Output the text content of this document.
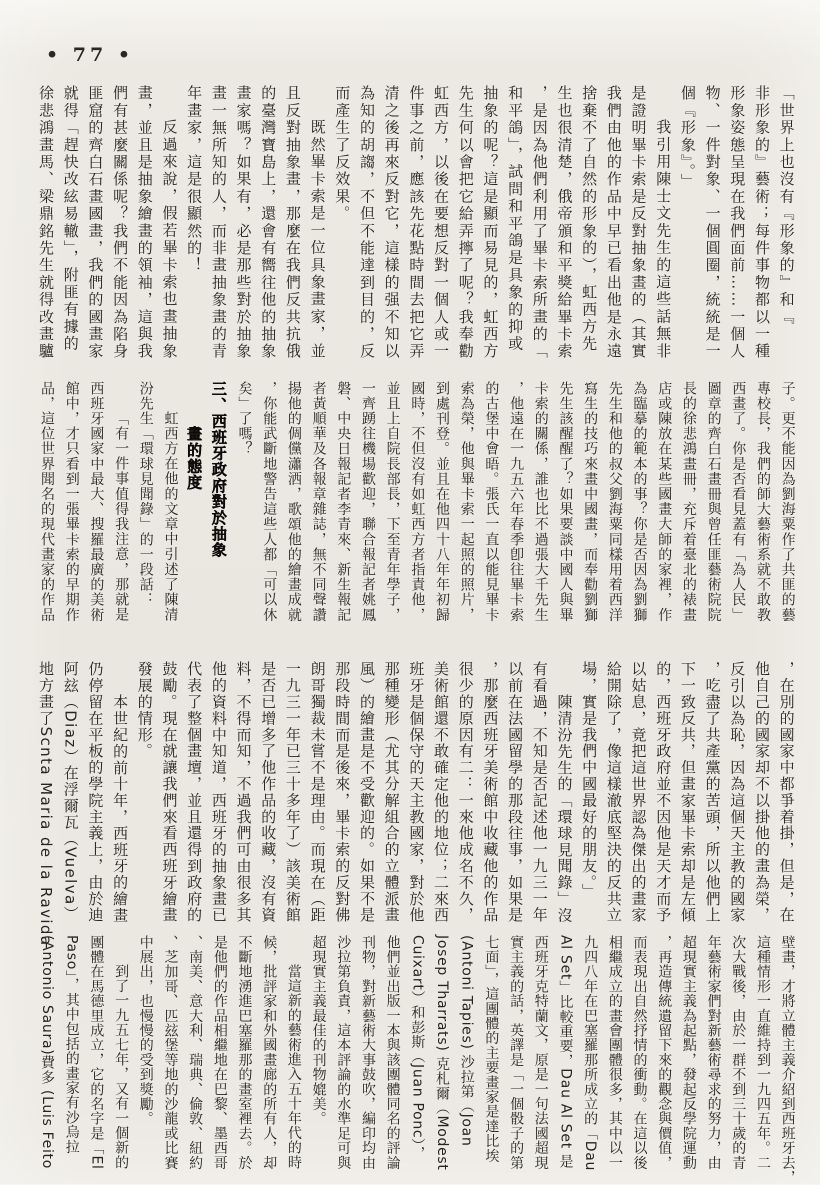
• 77 •
「世界上也沒有『形象的』和『
非形象的』藝術；每件事物都以一種
形象姿態呈現在我們面前……一個人
物、一件對象、一個圓圈，統統是一
個『形象』。」
我引用陳士文先生的這些話無非
是證明畢卡索是反對抽象畫的（其實
我們由他的作品中早已看出他是永遠
捨棄不了自然的形象的），虹西方先
生也很清楚，俄帝頒和平獎給畢卡索
，是因為他們利用了畢卡索所畫的「
和平鴿」，試問和平鴿是具象的抑或
抽象的呢？這是顯而易見的，虹西方
先生何以會把它給弄擰了呢？我奉勸
虹西方，以後在要想反對一個人或一
件事之前，應該先花點時間去把它弄
清之後再來反對它，這樣的强不知以
為知的胡謅，不但不能達到目的，反
而產生了反效果。
既然畢卡索是一位具象畫家，並
且反對抽象畫，那麼在我們反共抗俄
的臺灣寶島上，還會有嚮往他的抽象
畫家嗎？如果有，必是那些對於抽象
畫一無所知的人，而非畫抽象畫的青
年畫家，這是很顯然的！
反過來說，假若畢卡索也畫抽象
畫，並且是抽象繪畫的領袖，這與我
們有甚麼關係呢？我們不能因為陷身
匪窟的齊白石畫國畫，我們的國畫家
就得「趕快改絃易轍」，附匪有據的
徐悲鴻畫馬、梁鼎銘先生就得改畫驢
子。更不能因為劉海粟作了共匪的藝
專校長，我們的師大藝術系就不敢教
西畫了。你是否看見蓋有「為人民」
圖章的齊白石畫冊與曾任匪藝術院院
長的徐悲鴻畫冊，充斥着臺北的裱畫
店或陳放在某些國畫大師的家裡，作
為臨摹的範本的事？你是否因為劉獅
先生和他的叔父劉海粟同樣用着西洋
寫生的技巧來畫中國畫，而奉勸劉獅
先生該醒醒了？如果要談中國人與畢
卡索的關係，誰也比不過張大千先生
，他遠在一九五六年春季卽往畢卡索
的古堡中會晤。張氏一直以能見畢卡
索為榮，他與畢卡索一起照的照片，
到處刊登。並且在他四十八年年初歸
國時，不但沒有如虹西方者指責他，
並且上自院長部長，下至青年學子，
一齊踴往機場歡迎，聯合報記者姚鳳
磐、中央日報記者李青來、新生報記
者黃順華及各報章雜誌，無不同聲讚
揚他的倜儻瀟洒，歌頌他的繪畫成就
，你能武斷地警告這些人都「可以休
矣」了嗎？
三、西班牙政府對於抽象
畫的態度
虹西方在他的文章中引述了陳清
汾先生「環球見聞錄」的一段話：
「有一件事值得我注意，那就是
西班牙國家中最大、搜羅最廣的美術
館中，才只看到一張畢卡索的早期作
品，這位世界聞名的現代畫家的作品
，在別的國家中都爭着掛，但是，在
他自己的國家却不以掛他的畫為榮，
反引以為恥，因為這個天主教的國家
，吃盡了共產黨的苦頭，所以他們上
下一致反共，但畫家畢卡索却是左傾
的，西班牙政府並不因他是天才而予
以姑息，竟把這世界認為傑出的畫家
給開除了，像這樣澈底堅決的反共立
場，實是我們中國最好的朋友。」
陳清汾先生的「環球見聞錄」沒
有看過，不知是否記述他一九三一年
以前在法國留學的那段往事，如果是
，那麼西班牙美術館中收藏他的作品
很少的原因有二：一來他成名不久，
美術館還不敢確定他的地位；二來西
班牙是個保守的天主教國家，對於他
那種變形（尤其分解組合的立體派畫
風）的繪畫是不受歡迎的。如果不是
那段時間而是後來，畢卡索的反對佛
朗哥獨裁未嘗不是理由。而現在（距
一九三一年已三十多年了）該美術館
是否已增多了他作品的收藏，沒有資
料，不得而知，不過我們可由很多其
他的資料中知道，西班牙的抽象畫已
代表了整個畫壇，並且還得到政府的
鼓勵。現在就讓我們來看西班牙繪畫
發展的情形。
本世紀的前十年，西班牙的繪畫
仍停留在平板的學院主義上，由於迪
阿玆（Diaz）在浮爾瓦（Vuelva）
地方畫了Scnta Maria de la Ravida
壁畫，才將立體主義介紹到西班牙去，
這種情形一直維持到一九四五年。二
次大戰後，由於一群不到三十歲的青
年藝術家們對新藝術尋求的努力，由
超現實主義為起點，發起反學院運動
，再造傳統遺留下來的觀念與價值，
而表現出自然抒情的衝動。在這以後
相繼成立的畫會團體很多，其中以一
九四八年在巴塞羅那所成立的「Dau
Al Set」比較重要，Dau Al Set 是
西班牙克特蘭文，原是一句法國超現
實主義的話，英譯是「一個骰子的第
七面」，這團體的主要畫家是達比埃
(Antoni Tapies) 沙拉第（Joan
Josep Tharrats) 克札爾（Modest
Cuixart）和彭斯（Juan Ponc），
他們並出版一本與該團體同名的評論
刊物，對新藝術大事鼓吹，編印均由
沙拉第負責，這本評論的水準足可與
超現實主義最佳的刊物媲美。
當這新的藝術進入五十年代的時
候，批評家和外國畫廊的所有人，却
不斷地湧進巴塞羅那的畫室裡去。於
是他們的作品相繼地在巴黎、墨西哥
、南美、意大利、瑞典、倫敦、紐約
、芝加哥、匹玆堡等地的沙龍或比賽
中展出，也慢慢的受到獎勵。
到了一九五七年，又有一個新的
團體在馬德里成立，它的名字是「El
Paso」，其中包括的畫家有沙烏拉
(Antonio Saura)費多 (Luis Feito
